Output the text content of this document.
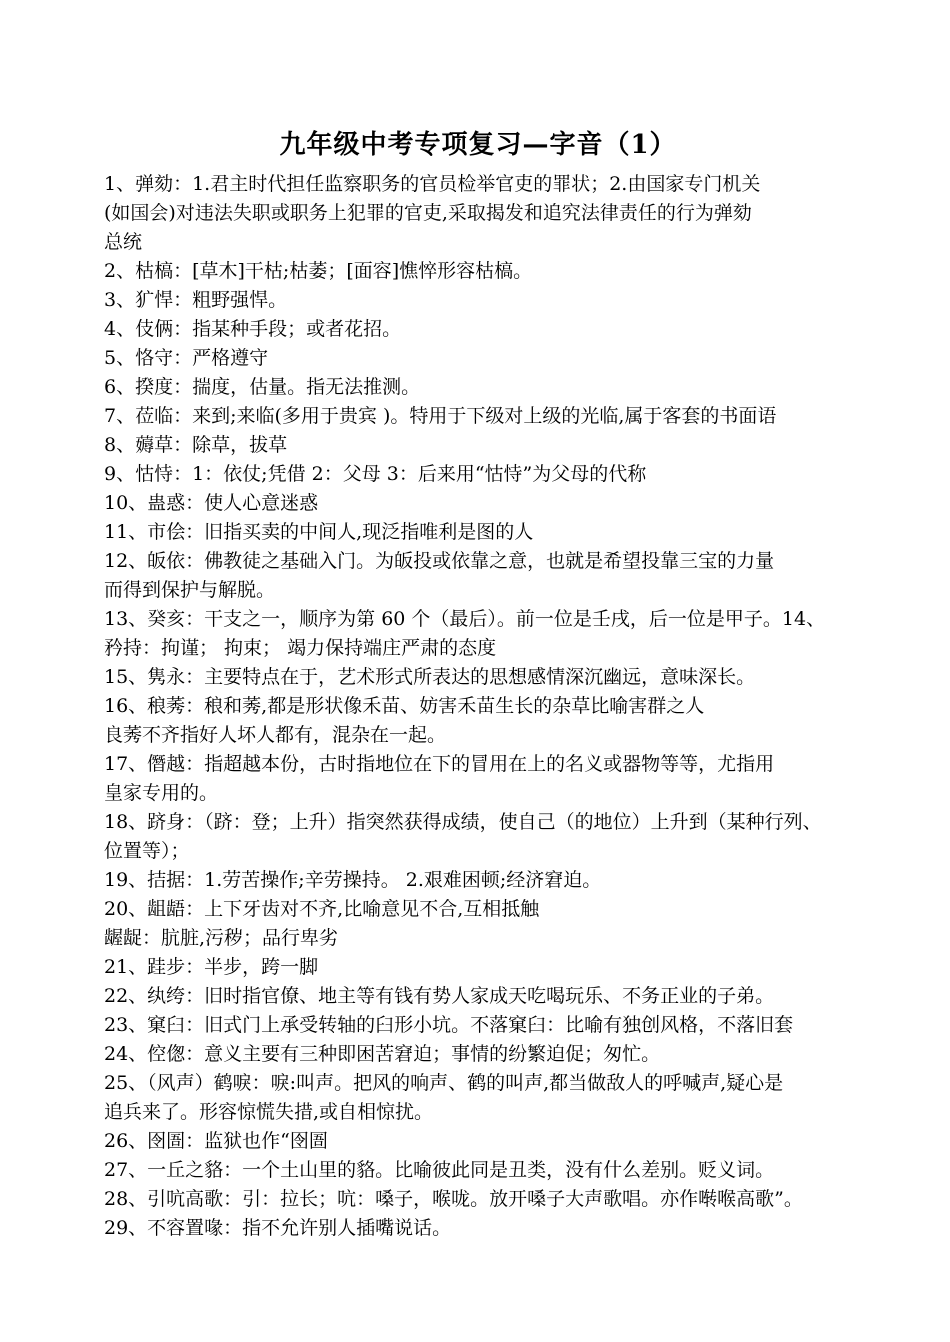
九年级中考专项复习—字音（1）

1、弹劾：1.君主时代担任监察职务的官员检举官吏的罪状；2.由国家专门机关
(如国会)对违法失职或职务上犯罪的官吏,采取揭发和追究法律责任的行为弹劾
总统

2、枯槁：[草木]干枯;枯萎；[面容]憔悴形容枯槁。

3、犷悍：粗野强悍。

4、伎俩：指某种手段；或者花招。

5、恪守：严格遵守

6、揆度：揣度，估量。指无法推测。

7、莅临：来到;来临(多用于贵宾 )。特用于下级对上级的光临,属于客套的书面语

8、薅草：除草，拔草

9、怙恃：1：依仗;凭借 2：父母 3：后来用“怙恃”为父母的代称

10、蛊惑：使人心意迷惑

11、市侩：旧指买卖的中间人,现泛指唯利是图的人

12、皈依：佛教徒之基础入门。为皈投或依靠之意，也就是希望投靠三宝的力量
而得到保护与解脱。

13、癸亥：干支之一，顺序为第 60 个（最后）。前一位是壬戌，后一位是甲子。14、
矜持：拘谨； 拘束； 竭力保持端庄严肃的态度

15、隽永：主要特点在于，艺术形式所表达的思想感情深沉幽远，意味深长。

16、稂莠：稂和莠,都是形状像禾苗、妨害禾苗生长的杂草比喻害群之人
良莠不齐指好人坏人都有，混杂在一起。

17、僭越：指超越本份，古时指地位在下的冒用在上的名义或器物等等，尤指用
皇家专用的。

18、跻身：（跻：登；上升）指突然获得成绩，使自己（的地位）上升到（某种行列、
位置等）；

19、拮据：1.劳苦操作;辛劳操持。 2.艰难困顿;经济窘迫。

20、龃龉：上下牙齿对不齐,比喻意见不合,互相抵触
龌龊：肮脏,污秽；品行卑劣

21、跬步：半步，跨一脚

22、纨绔：旧时指官僚、地主等有钱有势人家成天吃喝玩乐、不务正业的子弟。

23、窠臼：旧式门上承受转轴的臼形小坑。不落窠臼：比喻有独创风格，不落旧套

24、倥偬：意义主要有三种即困苦窘迫；事情的纷繁迫促；匆忙。

25、（风声）鹤唳：唳:叫声。把风的响声、鹤的叫声,都当做敌人的呼喊声,疑心是
追兵来了。形容惊慌失措,或自相惊扰。

26、囹圄：监狱也作“囹圄

27、一丘之貉：一个土山里的貉。比喻彼此同是丑类，没有什么差别。贬义词。

28、引吭高歌：引：拉长；吭：嗓子，喉咙。放开嗓子大声歌唱。亦作啭喉高歌”。

29、不容置喙：指不允许别人插嘴说话。
